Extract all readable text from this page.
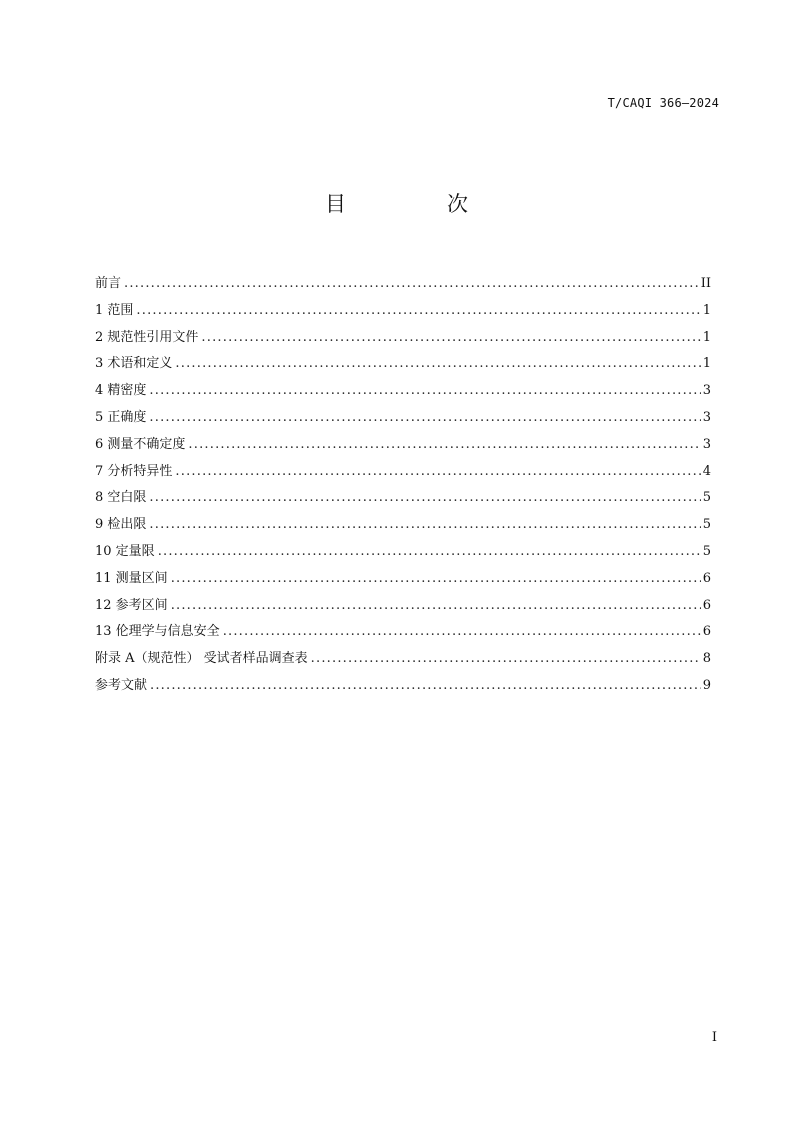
T/CAQI 366—2024
目　次
前言 .....	II
1 范围 .....	1
2 规范性引用文件 .....	1
3 术语和定义 .....	1
4 精密度 .....	3
5 正确度 .....	3
6 测量不确定度 .....	3
7 分析特异性 .....	4
8 空白限 .....	5
9 检出限 .....	5
10 定量限 .....	5
11 测量区间 .....	6
12 参考区间 .....	6
13 伦理学与信息安全 .....	6
附录 A（规范性） 受试者样品调查表 .....	8
参考文献 .....	9
I
